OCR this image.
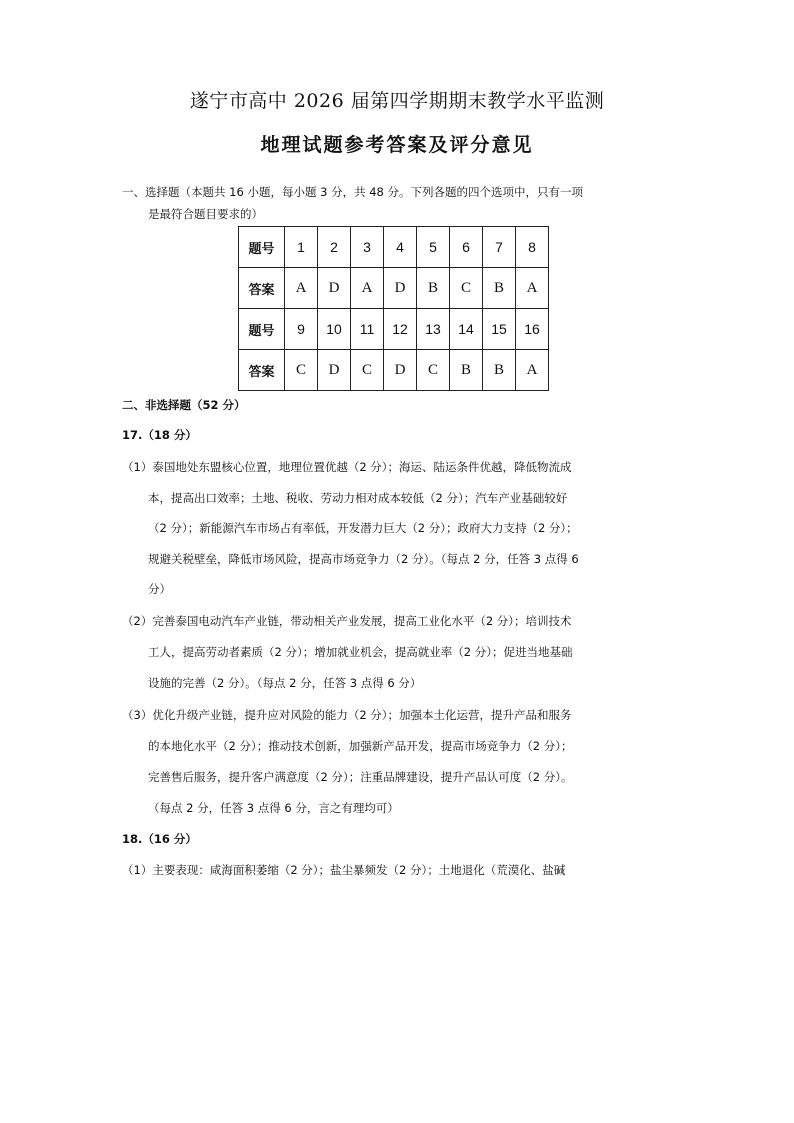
遂宁市高中 2026 届第四学期期末教学水平监测
地理试题参考答案及评分意见
一、选择题（本题共 16 小题，每小题 3 分，共 48 分。下列各题的四个选项中，只有一项
是最符合题目要求的）
题号	1	2	3	4	5	6	7	8
答案	A	D	A	D	B	C	B	A
题号	9	10	11	12	13	14	15	16
答案	C	D	C	D	C	B	B	A
二、非选择题（52 分）
17.（18 分）
（1）泰国地处东盟核心位置，地理位置优越（2 分）；海运、陆运条件优越，降低物流成
本，提高出口效率；土地、税收、劳动力相对成本较低（2 分）；汽车产业基础较好
（2 分）；新能源汽车市场占有率低，开发潜力巨大（2 分）；政府大力支持（2 分）；
规避关税壁垒，降低市场风险，提高市场竞争力（2 分）。（每点 2 分，任答 3 点得 6
分）
（2）完善泰国电动汽车产业链，带动相关产业发展，提高工业化水平（2 分）；培训技术
工人，提高劳动者素质（2 分）；增加就业机会，提高就业率（2 分）；促进当地基础
设施的完善（2 分）。（每点 2 分，任答 3 点得 6 分）
（3）优化升级产业链，提升应对风险的能力（2 分）；加强本土化运营，提升产品和服务
的本地化水平（2 分）；推动技术创新，加强新产品开发，提高市场竞争力（2 分）；
完善售后服务，提升客户满意度（2 分）；注重品牌建设，提升产品认可度（2 分）。
（每点 2 分，任答 3 点得 6 分，言之有理均可）
18.（16 分）
（1）主要表现：咸海面积萎缩（2 分）；盐尘暴频发（2 分）；土地退化（荒漠化、盐碱
